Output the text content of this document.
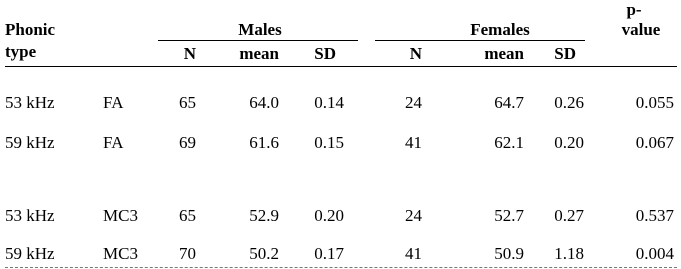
Phonic
type
Males	Females
p-
value
N	mean	SD	N	mean	SD
53 kHz	FA	65	64.0	0.14	24	64.7	0.26	0.055
59 kHz	FA	69	61.6	0.15	41	62.1	0.20	0.067
53 kHz	MC3	65	52.9	0.20	24	52.7	0.27	0.537
59 kHz	MC3	70	50.2	0.17	41	50.9	1.18	0.004
